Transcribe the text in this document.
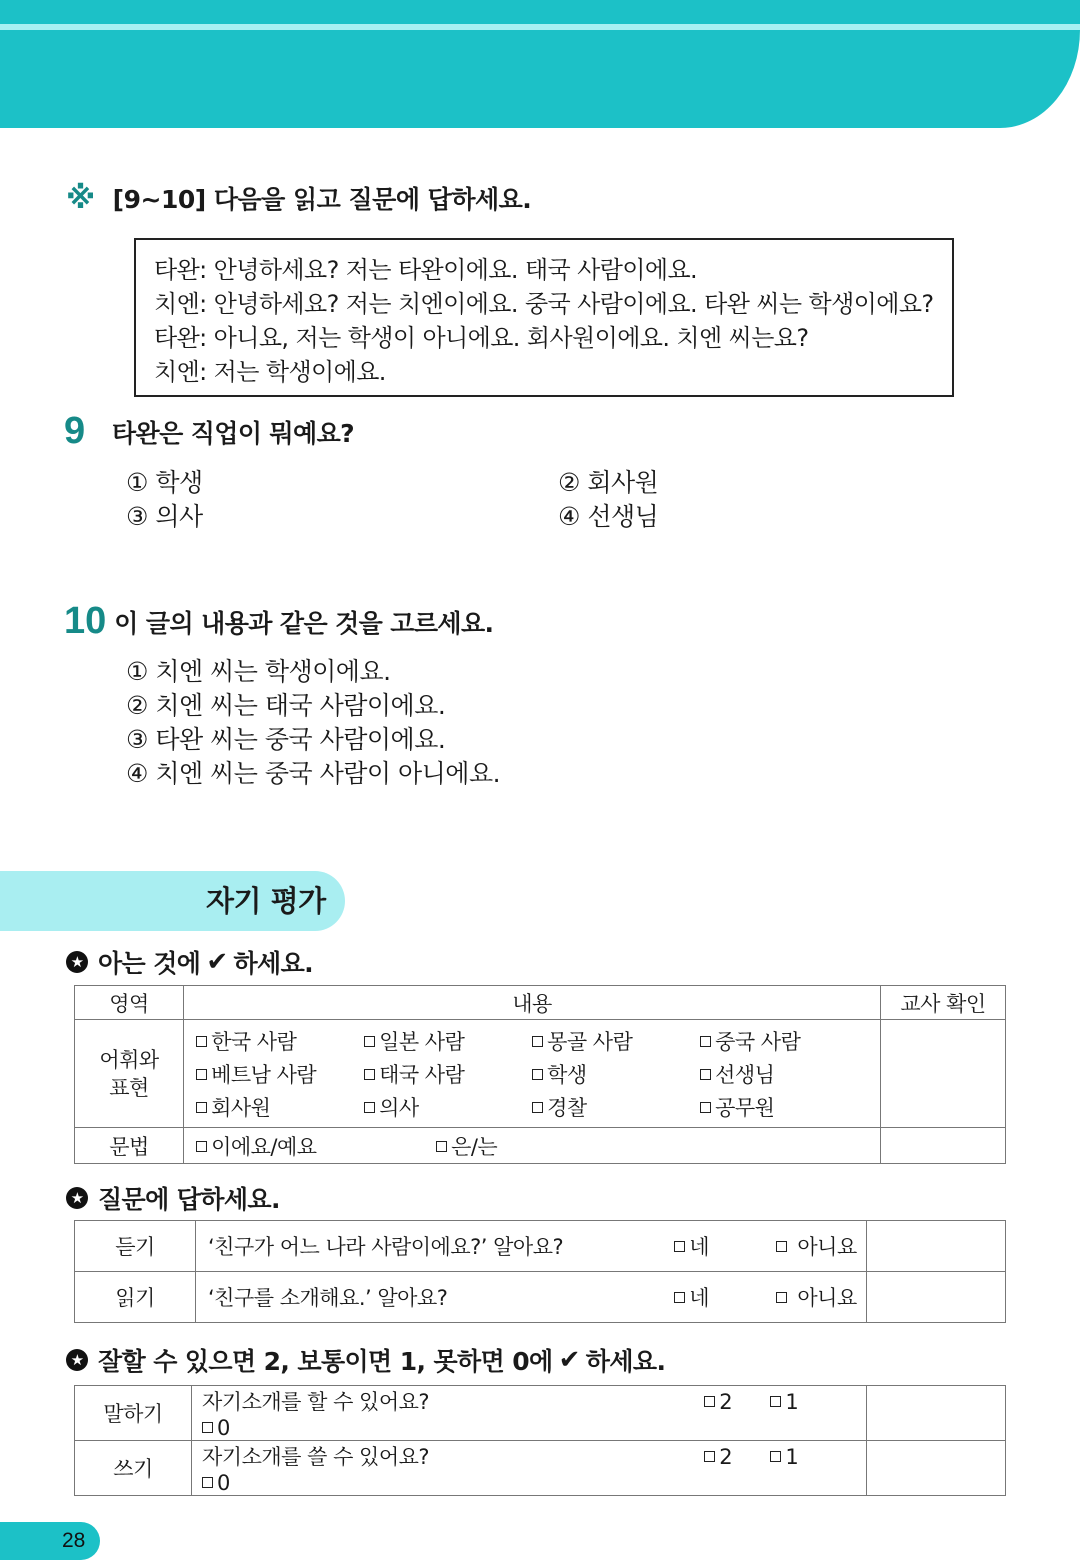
※ [9~10] 다음을 읽고 질문에 답하세요.
타완: 안녕하세요? 저는 타완이에요. 태국 사람이에요.
치엔: 안녕하세요? 저는 치엔이에요. 중국 사람이에요. 타완 씨는 학생이에요?
타완: 아니요, 저는 학생이 아니에요. 회사원이에요. 치엔 씨는요?
치엔: 저는 학생이에요.
9	타완은 직업이 뭐예요?
① 학생	② 회사원
③ 의사	④ 선생님
10 이 글의 내용과 같은 것을 고르세요.
① 치엔 씨는 학생이에요.
② 치엔 씨는 태국 사람이에요.
③ 타완 씨는 중국 사람이에요.
④ 치엔 씨는 중국 사람이 아니에요.
자기 평가
★ 아는 것에 ✔ 하세요.
영역	내용	교사 확인

어휘와
표현

한국 사람	일본 사람	몽골 사람	중국 사람
베트남 사람	태국 사람	학생	선생님
회사원	의사	경찰	공무원

문법	이에요/예요 은/는	

★ 질문에 답하세요.
듣기	‘친구가 어느 나라 사람이에요?’ 알아요? 네 아니요	
읽기	‘친구를 소개해요.’ 알아요? 네 아니요	
★ 잘할 수 있으면 2, 보통이면 1, 못하면 0에 ✔ 하세요.
말하기	자기소개를 할 수 있어요? 2 1 0	
쓰기	자기소개를 쓸 수 있어요? 2 1 0	
28
